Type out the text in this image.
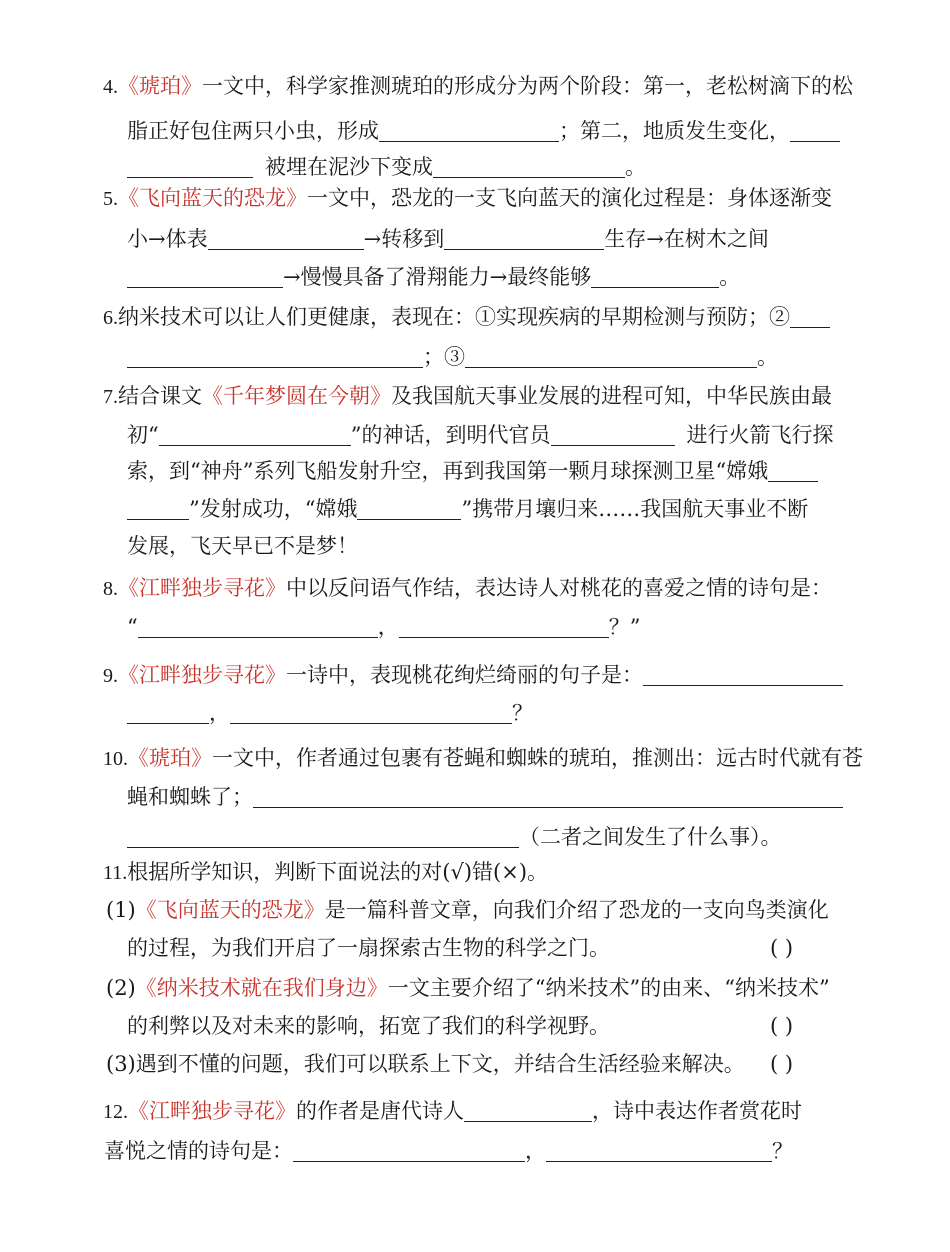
4.《琥珀》一文中，科学家推测琥珀的形成分为两个阶段：第一，老松树滴下的松
脂正好包住两只小虫，形成	；第二，地质发生变化，
被埋在泥沙下变成	。
5.《飞向蓝天的恐龙》一文中，恐龙的一支飞向蓝天的演化过程是：身体逐渐变
小→体表	→转移到	生存→在树木之间
→慢慢具备了滑翔能力→最终能够	。
6.纳米技术可以让人们更健康，表现在：①实现疾病的早期检测与预防；②
；③	。
7.结合课文《千年梦圆在今朝》及我国航天事业发展的进程可知，中华民族由最
初“	”的神话，到明代官员	进行火箭飞行探
索，到“神舟”系列飞船发射升空，再到我国第一颗月球探测卫星“嫦娥
”发射成功，“嫦娥	”携带月壤归来……我国航天事业不断
发展，飞天早已不是梦！
8.《江畔独步寻花》中以反问语气作结，表达诗人对桃花的喜爱之情的诗句是：
“	，	？”
9.《江畔独步寻花》一诗中，表现桃花绚烂绮丽的句子是：
，	？
10.《琥珀》一文中，作者通过包裹有苍蝇和蜘蛛的琥珀，推测出：远古时代就有苍
蝇和蜘蛛了；
（二者之间发生了什么事）。
11.根据所学知识，判断下面说法的对(√)错(×)。
(1)《飞向蓝天的恐龙》是一篇科普文章，向我们介绍了恐龙的一支向鸟类演化
的过程，为我们开启了一扇探索古生物的科学之门。	( )
(2)《纳米技术就在我们身边》一文主要介绍了“纳米技术”的由来、“纳米技术”
的利弊以及对未来的影响，拓宽了我们的科学视野。	( )
(3)遇到不懂的问题，我们可以联系上下文，并结合生活经验来解决。 ( )
12.《江畔独步寻花》的作者是唐代诗人	，诗中表达作者赏花时
喜悦之情的诗句是：	，	？
